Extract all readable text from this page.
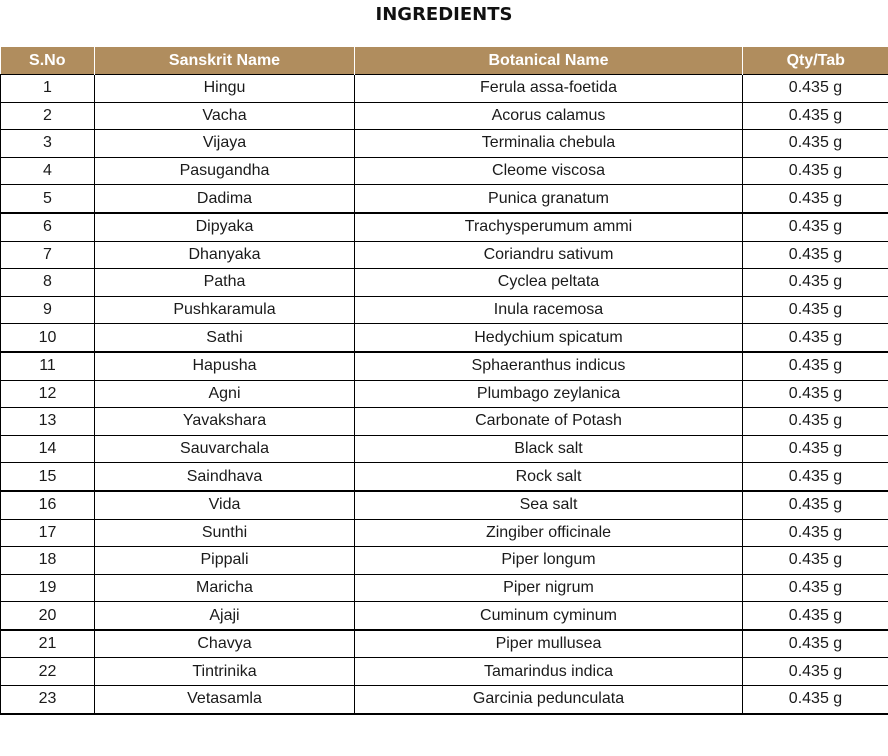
INGREDIENTS
S.No	Sanskrit Name	Botanical Name	Qty/Tab
1	Hingu	Ferula assa-foetida	0.435 g
2	Vacha	Acorus calamus	0.435 g
3	Vijaya	Terminalia chebula	0.435 g
4	Pasugandha	Cleome viscosa	0.435 g
5	Dadima	Punica granatum	0.435 g
6	Dipyaka	Trachysperumum ammi	0.435 g
7	Dhanyaka	Coriandru sativum	0.435 g
8	Patha	Cyclea peltata	0.435 g
9	Pushkaramula	Inula racemosa	0.435 g
10	Sathi	Hedychium spicatum	0.435 g
11	Hapusha	Sphaeranthus indicus	0.435 g
12	Agni	Plumbago zeylanica	0.435 g
13	Yavakshara	Carbonate of Potash	0.435 g
14	Sauvarchala	Black salt	0.435 g
15	Saindhava	Rock salt	0.435 g
16	Vida	Sea salt	0.435 g
17	Sunthi	Zingiber officinale	0.435 g
18	Pippali	Piper longum	0.435 g
19	Maricha	Piper nigrum	0.435 g
20	Ajaji	Cuminum cyminum	0.435 g
21	Chavya	Piper mullusea	0.435 g
22	Tintrinika	Tamarindus indica	0.435 g
23	Vetasamla	Garcinia pedunculata	0.435 g
